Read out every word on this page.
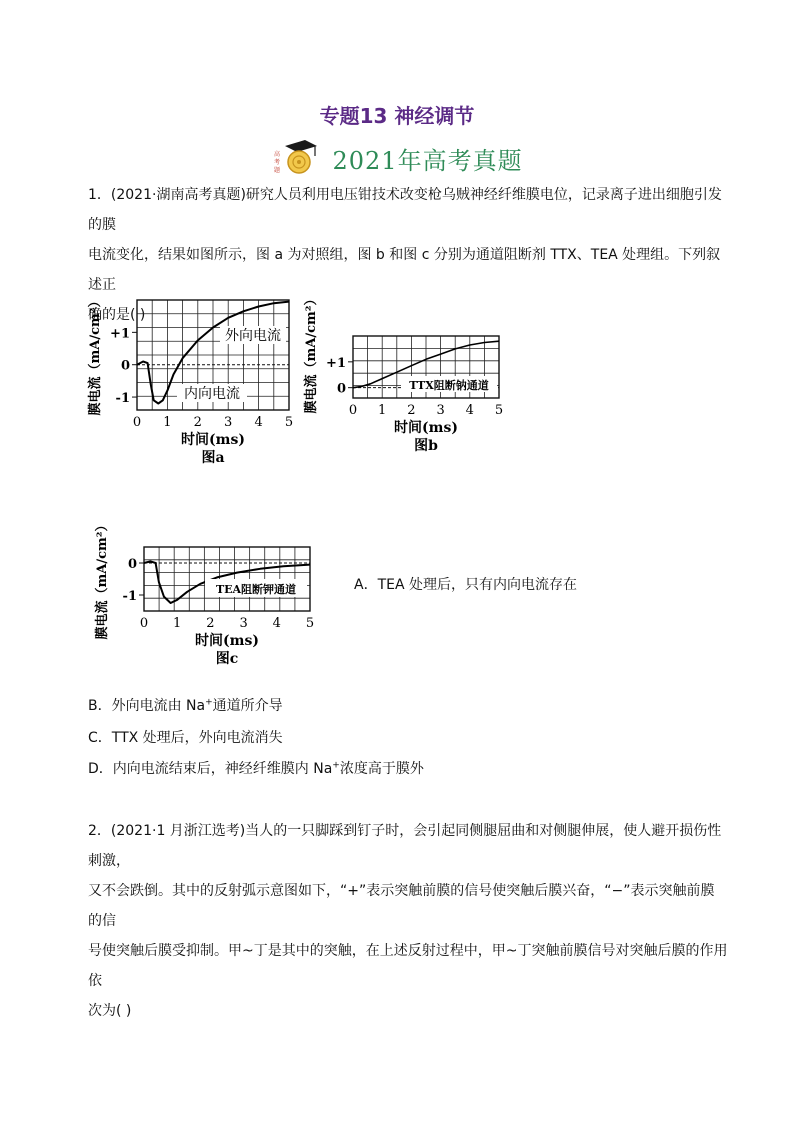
专题13 神经调节
高
考
题 2021年高考真题
1．(2021·湖南高考真题)研究人员利用电压钳技术改变枪乌贼神经纤维膜电位，记录离子进出细胞引发的膜
电流变化，结果如图所示，图 a 为对照组，图 b 和图 c 分别为通道阻断剂 TTX、TEA 处理组。下列叙述正
确的是( )
0 1 2 3 4 5
+1
0
-1
膜电流（mA/cm²）
时间(ms)
图a
外向电流
内向电流
0 1 2 3 4 5
+1
0
膜电流（mA/cm²）
时间(ms)
图b
TTX阻断钠通道
0 1 2 3 4 5
0
-1
膜电流（mA/cm²）
时间(ms)
图c
TEA阻断钾通道	A．TEA 处理后，只有内向电流存在
B．外向电流由 Na+通道所介导
C．TTX 处理后，外向电流消失
D．内向电流结束后，神经纤维膜内 Na+浓度高于膜外
2．(2021·1 月浙江选考)当人的一只脚踩到钉子时，会引起同侧腿屈曲和对侧腿伸展，使人避开损伤性刺激，
又不会跌倒。其中的反射弧示意图如下，“+”表示突触前膜的信号使突触后膜兴奋，“−”表示突触前膜的信
号使突触后膜受抑制。甲~丁是其中的突触，在上述反射过程中，甲~丁突触前膜信号对突触后膜的作用依
次为( )
